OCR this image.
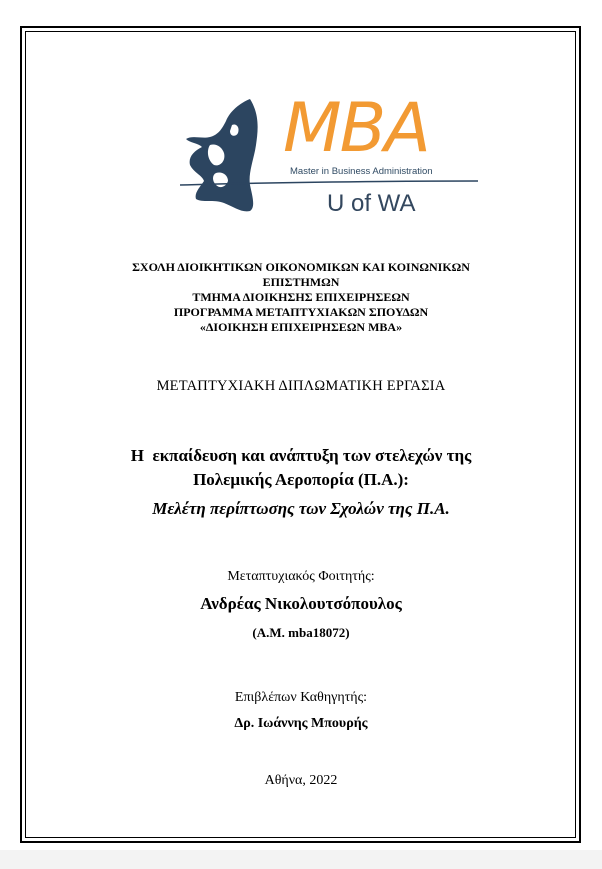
MBA
Master in Business Administration
U of WA
ΣΧΟΛΗ ΔΙΟΙΚΗΤΙΚΩΝ ΟΙΚΟΝΟΜΙΚΩΝ ΚΑΙ ΚΟΙΝΩΝΙΚΩΝ
ΕΠΙΣΤΗΜΩΝ
ΤΜΗΜΑ ΔΙΟΙΚΗΣΗΣ ΕΠΙΧΕΙΡΗΣΕΩΝ
ΠΡΟΓΡΑΜΜΑ ΜΕΤΑΠΤΥΧΙΑΚΩΝ ΣΠΟΥΔΩΝ
«ΔΙΟΙΚΗΣΗ ΕΠΙΧΕΙΡΗΣΕΩΝ MBA»
ΜΕΤΑΠΤΥΧΙΑΚΗ ΔΙΠΛΩΜΑΤΙΚΗ ΕΡΓΑΣΙΑ
Η  εκπαίδευση και ανάπτυξη των στελεχών της
Πολεμικής Αεροπορία (Π.Α.):
Μελέτη περίπτωσης των Σχολών της Π.Α.
Μεταπτυχιακός Φοιτητής:
Ανδρέας Νικολουτσόπουλος
(Α.Μ. mba18072)
Επιβλέπων Καθηγητής:
Δρ. Ιωάννης Μπουρής
Αθήνα, 2022
